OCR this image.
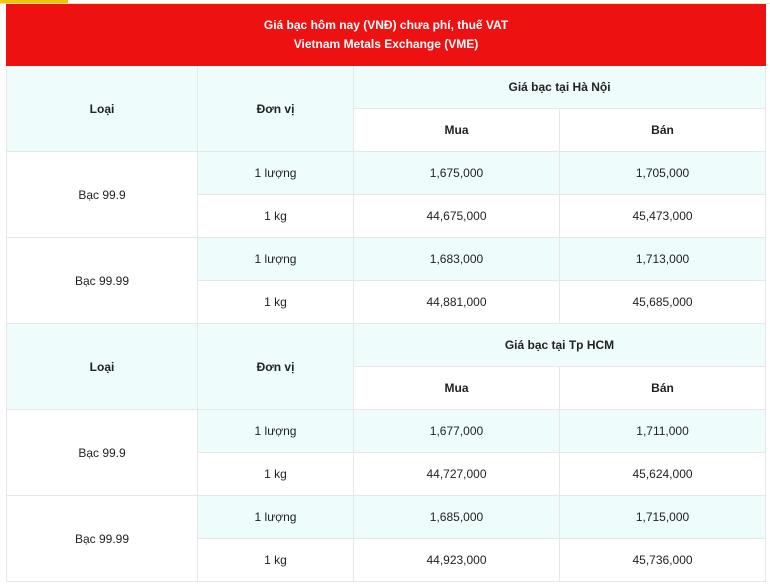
Giá bạc hôm nay (VNĐ) chưa phí, thuế VAT
Vietnam Metals Exchange (VME)			

Loại	Đơn vị	Giá bạc tại Hà Nội	
		Mua	Bán
Bạc 99.9	1 lượng	1,675,000	1,705,000
	1 kg	44,675,000	45,473,000
Bạc 99.99	1 lượng	1,683,000	1,713,000
	1 kg	44,881,000	45,685,000
Loại	Đơn vị	Giá bạc tại Tp HCM	
		Mua	Bán
Bạc 99.9	1 lượng	1,677,000	1,711,000
	1 kg	44,727,000	45,624,000
Bạc 99.99	1 lượng	1,685,000	1,715,000
	1 kg	44,923,000	45,736,000
